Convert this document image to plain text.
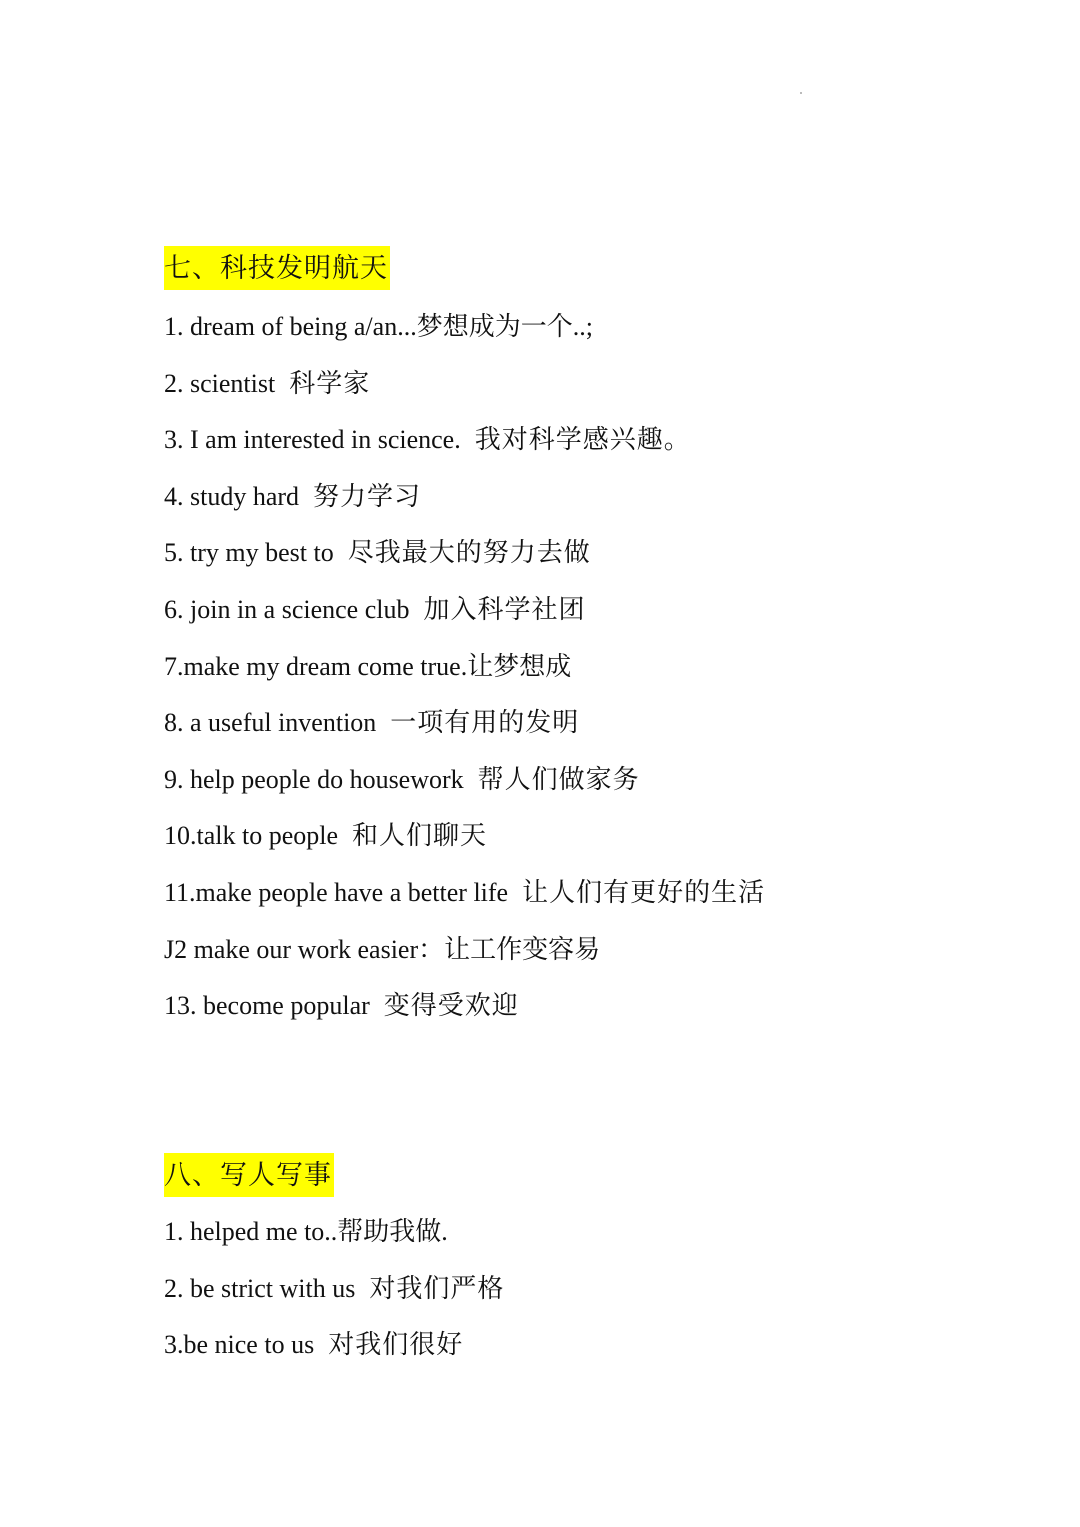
七、科技发明航天
1. dream of being a/an...梦想成为一个..;
2. scientist 科学家
3. I am interested in science. 我对科学感兴趣。
4. study hard 努力学习
5. try my best to 尽我最大的努力去做
6. join in a science club 加入科学社团
7.make my dream come true.让梦想成
8. a useful invention 一项有用的发明
9. help people do housework 帮人们做家务
10.talk to people 和人们聊天
11.make people have a better life 让人们有更好的生活
J2 make our work easier：让工作变容易
13. become popular 变得受欢迎
八、写人写事
1. helped me to..帮助我做.
2. be strict with us 对我们严格
3.be nice to us 对我们很好
